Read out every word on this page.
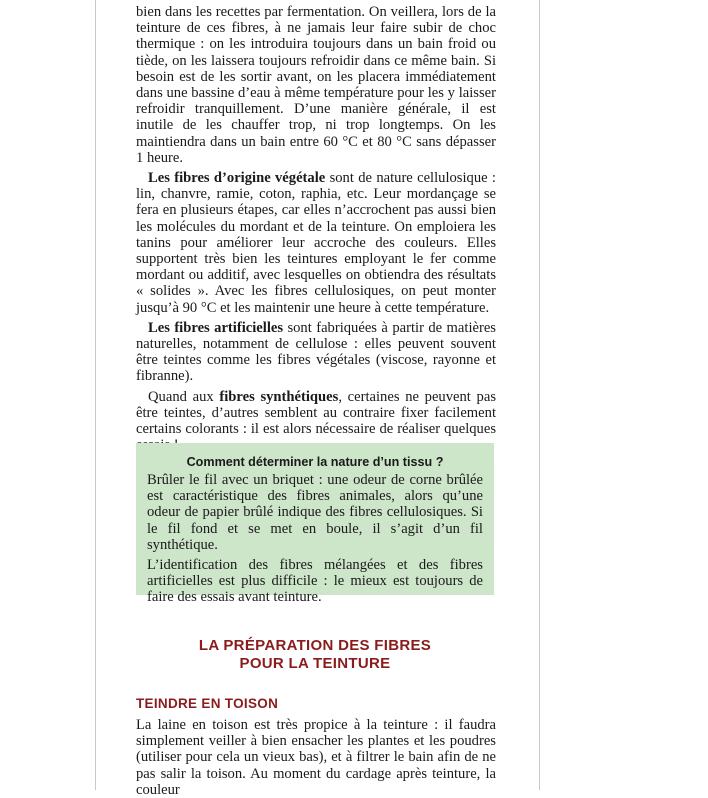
bien dans les recettes par fermentation. On veillera, lors de la teinture de ces fibres, à ne jamais leur faire subir de choc thermique : on les introduira toujours dans un bain froid ou tiède, on les laissera toujours refroidir dans ce même bain. Si besoin est de les sortir avant, on les placera immédiatement dans une bassine d’eau à même température pour les y laisser refroidir tranquillement. D’une manière générale, il est inutile de les chauffer trop, ni trop longtemps. On les maintiendra dans un bain entre 60 °C et 80 °C sans dépasser 1 heure.

Les fibres d’origine végétale sont de nature cellulosique : lin, chanvre, ramie, coton, raphia, etc. Leur mordançage se fera en plusieurs étapes, car elles n’accrochent pas aussi bien les molécules du mordant et de la teinture. On emploiera les tanins pour améliorer leur accroche des couleurs. Elles supportent très bien les teintures employant le fer comme mordant ou additif, avec lesquelles on obtiendra des résultats « solides ». Avec les fibres cellulosiques, on peut monter jusqu’à 90 °C et les maintenir une heure à cette température.

Les fibres artificielles sont fabriquées à partir de matières naturelles, notamment de cellulose : elles peuvent souvent être teintes comme les fibres végétales (viscose, rayonne et fibranne).

Quand aux fibres synthétiques, certaines ne peuvent pas être teintes, d’autres semblent au contraire fixer facilement certains colorants : il est alors nécessaire de réaliser quelques

Comment déterminer la nature d’un tissu ?

Brûler le fil avec un briquet : une odeur de corne brûlée est caractéristique des fibres animales, alors qu’une odeur de papier brûlé indique des fibres cellulosiques. Si le fil fond et se met en boule, il s’agit d’un fil synthétique.

L’identification des fibres mélangées et des fibres artificielles est plus difficile : le mieux est toujours de faire des essais avant teinture.

LA PRÉPARATION DES FIBRES
POUR LA TEINTURE
TEINDRE EN TOISON

La laine en toison est très propice à la teinture : il faudra simplement veiller à bien ensacher les plantes et les poudres (utiliser pour cela un vieux bas), et à filtrer le bain afin de ne pas salir la toison. Au moment du cardage après teinture, la couleur
